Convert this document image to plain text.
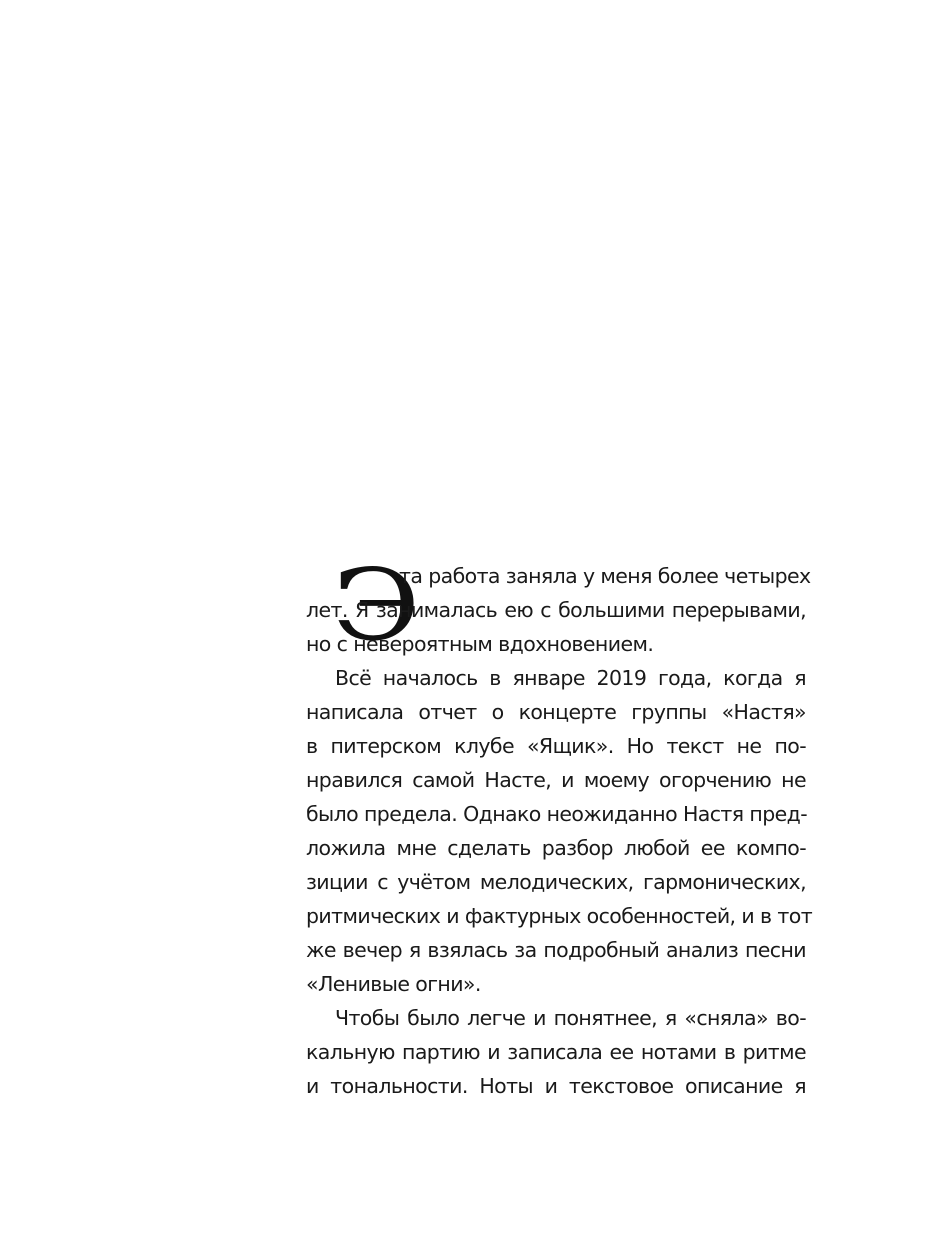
Э
та работа заняла у меня более четырех
лет. Я занималась ею с большими перерывами,
но с невероятным вдохновением.
Всё началось в январе 2019 года, когда я
написала отчет о концерте группы «Настя»
в питерском клубе «Ящик». Но текст не по-
нравился самой Насте, и моему огорчению не
было предела. Однако неожиданно Настя пред-
ложила мне сделать разбор любой ее компо-
зиции с учётом мелодических, гармонических,
ритмических и фактурных особенностей, и в тот
же вечер я взялась за подробный анализ песни
«Ленивые огни».
Чтобы было легче и понятнее, я «сняла» во-
кальную партию и записала ее нотами в ритме
и тональности. Ноты и текстовое описание я
